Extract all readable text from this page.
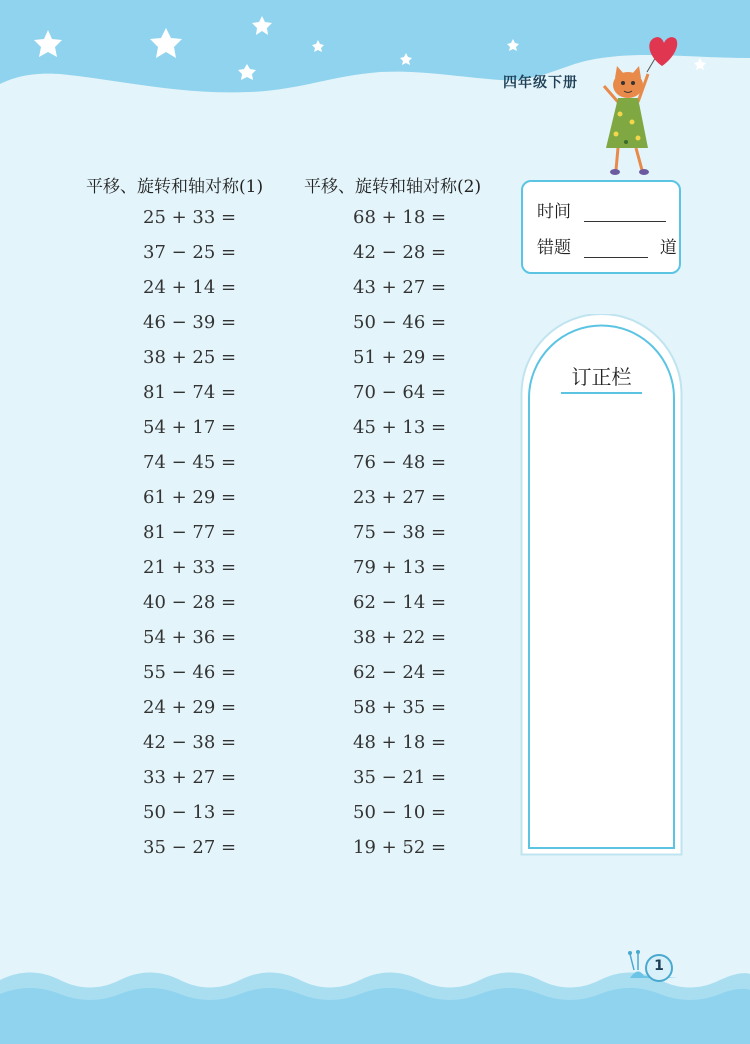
四年级下册
平移、旋转和轴对称(1)
25 + 33 =
37 − 25 =
24 + 14 =
46 − 39 =
38 + 25 =
81 − 74 =
54 + 17 =
74 − 45 =
61 + 29 =
81 − 77 =
21 + 33 =
40 − 28 =
54 + 36 =
55 − 46 =
24 + 29 =
42 − 38 =
33 + 27 =
50 − 13 =
35 − 27 =
平移、旋转和轴对称(2)
68 + 18 =
42 − 28 =
43 + 27 =
50 − 46 =
51 + 29 =
70 − 64 =
45 + 13 =
76 − 48 =
23 + 27 =
75 − 38 =
79 + 13 =
62 − 14 =
38 + 22 =
62 − 24 =
58 + 35 =
48 + 18 =
35 − 21 =
50 − 10 =
19 + 52 =
时间
错题	道
订正栏
1
